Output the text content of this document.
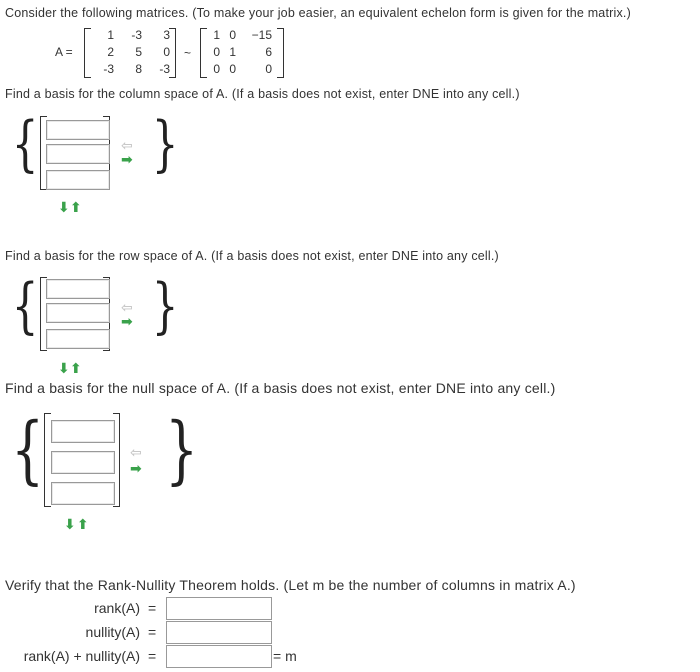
Consider the following matrices. (To make your job easier, an equivalent echelon form is given for the matrix.)
A =
1	-3	3
2	5	0
-3	8	-3
~
1 0	−15
0 1	6
0 0	0
Find a basis for the column space of A. (If a basis does not exist, enter DNE into any cell.)
{	⇦
➡ }
⬇ ⬆
Find a basis for the row space of A. (If a basis does not exist, enter DNE into any cell.)
{	⇦
➡ }
⬇ ⬆
Find a basis for the null space of A. (If a basis does not exist, enter DNE into any cell.)
{	⇦
➡ }
⬇ ⬆
Verify that the Rank-Nullity Theorem holds. (Let m be the number of columns in matrix A.)
rank(A) =
nullity(A) =
rank(A) + nullity(A) =	= m
